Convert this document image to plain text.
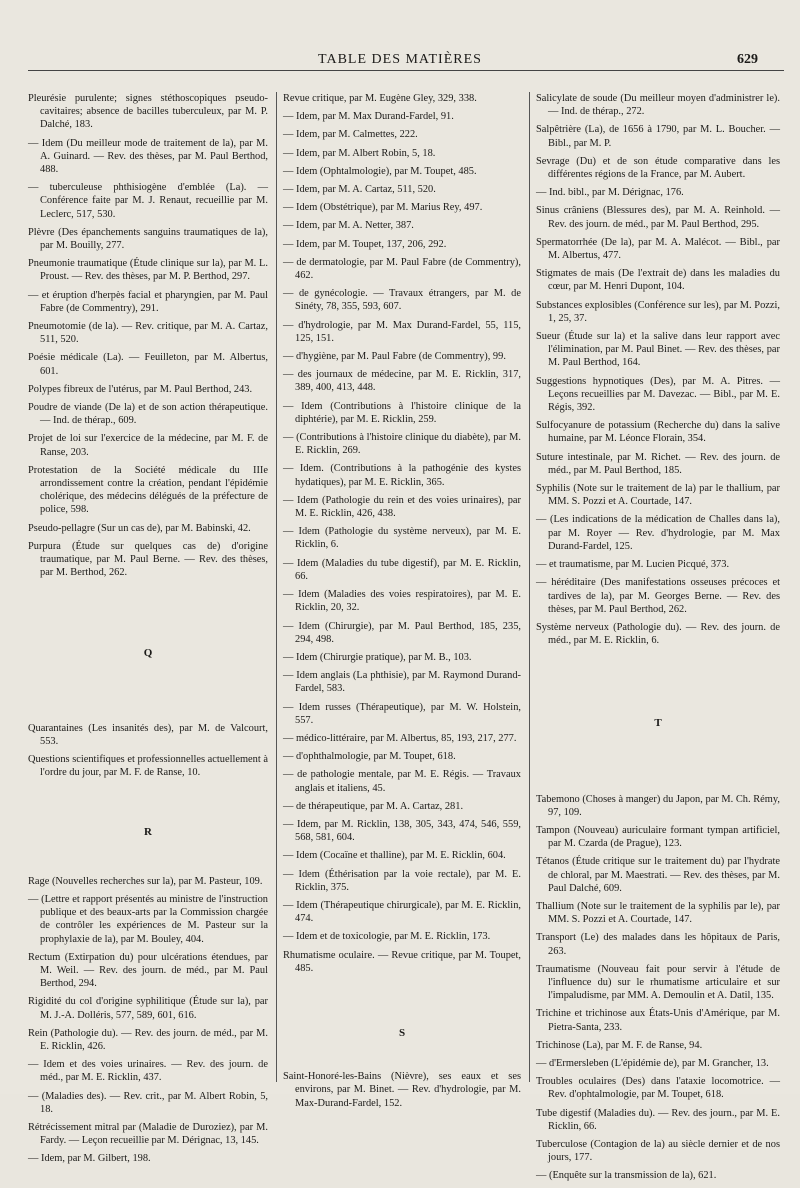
TABLE DES MATIÈRES	629

Pleurésie purulente; signes stéthoscopiques pseudo-cavitaires; absence de bacilles tuberculeux, par M. P. Dalché, 183.

— Idem (Du meilleur mode de traitement de la), par M. A. Guinard. — Rev. des thèses, par M. Paul Berthod, 488.

— tuberculeuse phthisiogène d'emblée (La). — Conférence faite par M. J. Renaut, recueillie par M. Leclerc, 517, 530.

Plèvre (Des épanchements sanguins traumatiques de la), par M. Bouilly, 277.

Pneumonie traumatique (Étude clinique sur la), par M. L. Proust. — Rev. des thèses, par M. P. Berthod, 297.

— et éruption d'herpès facial et pharyngien, par M. Paul Fabre (de Commentry), 291.

Pneumotomie (de la). — Rev. critique, par M. A. Cartaz, 511, 520.

Poésie médicale (La). — Feuilleton, par M. Albertus, 601.

Polypes fibreux de l'utérus, par M. Paul Berthod, 243.

Poudre de viande (De la) et de son action thérapeutique. — Ind. de thérap., 609.

Projet de loi sur l'exercice de la médecine, par M. F. de Ranse, 203.

Protestation de la Société médicale du IIIe arrondissement contre la création, pendant l'épidémie cholérique, des médecins délégués de la préfecture de police, 598.

Pseudo-pellagre (Sur un cas de), par M. Babinski, 42.

Purpura (Étude sur quelques cas de) d'origine traumatique, par M. Paul Berne. — Rev. des thèses, par M. Berthod, 262.

Q

Quarantaines (Les insanités des), par M. de Valcourt, 553.

Questions scientifiques et professionnelles actuellement à l'ordre du jour, par M. F. de Ranse, 10.

R

Rage (Nouvelles recherches sur la), par M. Pasteur, 109.

— (Lettre et rapport présentés au ministre de l'instruction publique et des beaux-arts par la Commission chargée de contrôler les expériences de M. Pasteur sur la prophylaxie de la), par M. Bouley, 404.

Rectum (Extirpation du) pour ulcérations étendues, par M. Weil. — Rev. des journ. de méd., par M. Paul Berthod, 294.

Rigidité du col d'origine syphilitique (Étude sur la), par M. J.-A. Dolléris, 577, 589, 601, 616.

Rein (Pathologie du). — Rev. des journ. de méd., par M. E. Ricklin, 426.

— Idem et des voies urinaires. — Rev. des journ. de méd., par M. E. Ricklin, 437.

— (Maladies des). — Rev. crit., par M. Albert Robin, 5, 18.

Rétrécissement mitral par (Maladie de Duroziez), par M. Fardy. — Leçon recueillie par M. Dérignac, 13, 145.

— Idem, par M. Gilbert, 198.

Revue critique, par M. Eugène Gley, 329, 338.

— Idem, par M. Max Durand-Fardel, 91.

— Idem, par M. Calmettes, 222.

— Idem, par M. Albert Robin, 5, 18.

— Idem (Ophtalmologie), par M. Toupet, 485.

— Idem, par M. A. Cartaz, 511, 520.

— Idem (Obstétrique), par M. Marius Rey, 497.

— Idem, par M. A. Netter, 387.

— Idem, par M. Toupet, 137, 206, 292.

— de dermatologie, par M. Paul Fabre (de Commentry), 462.

— de gynécologie. — Travaux étrangers, par M. de Sinéty, 78, 355, 593, 607.

— d'hydrologie, par M. Max Durand-Fardel, 55, 115, 125, 151.

— d'hygiène, par M. Paul Fabre (de Commentry), 99.

— des journaux de médecine, par M. E. Ricklin, 317, 389, 400, 413, 448.

— Idem (Contributions à l'histoire clinique de la diphtérie), par M. E. Ricklin, 259.

— (Contributions à l'histoire clinique du diabète), par M. E. Ricklin, 269.

— Idem. (Contributions à la pathogénie des kystes hydatiques), par M. E. Ricklin, 365.

— Idem (Pathologie du rein et des voies urinaires), par M. E. Ricklin, 426, 438.

— Idem (Pathologie du système nerveux), par M. E. Ricklin, 6.

— Idem (Maladies du tube digestif), par M. E. Ricklin, 66.

— Idem (Maladies des voies respiratoires), par M. E. Ricklin, 20, 32.

— Idem (Chirurgie), par M. Paul Berthod, 185, 235, 294, 498.

— Idem (Chirurgie pratique), par M. B., 103.

— Idem anglais (La phthisie), par M. Raymond Durand-Fardel, 583.

— Idem russes (Thérapeutique), par M. W. Holstein, 557.

— médico-littéraire, par M. Albertus, 85, 193, 217, 277.

— d'ophthalmologie, par M. Toupet, 618.

— de pathologie mentale, par M. E. Régis. — Travaux anglais et italiens, 45.

— de thérapeutique, par M. A. Cartaz, 281.

— Idem, par M. Ricklin, 138, 305, 343, 474, 546, 559, 568, 581, 604.

— Idem (Cocaïne et thalline), par M. E. Ricklin, 604.

— Idem (Éthérisation par la voie rectale), par M. E. Ricklin, 375.

— Idem (Thérapeutique chirurgicale), par M. E. Ricklin, 474.

— Idem et de toxicologie, par M. E. Ricklin, 173.

Rhumatisme oculaire. — Revue critique, par M. Toupet, 485.

S

Saint-Honoré-les-Bains (Nièvre), ses eaux et ses environs, par M. Binet. — Rev. d'hydrologie, par M. Max-Durand-Fardel, 152.

Salicylate de soude (Du meilleur moyen d'administrer le). — Ind. de thérap., 272.

Salpêtrière (La), de 1656 à 1790, par M. L. Boucher. — Bibl., par M. P.

Sevrage (Du) et de son étude comparative dans les différentes régions de la France, par M. Aubert.

— Ind. bibl., par M. Dérignac, 176.

Sinus crâniens (Blessures des), par M. A. Reinhold. — Rev. des journ. de méd., par M. Paul Berthod, 295.

Spermatorrhée (De la), par M. A. Malécot. — Bibl., par M. Albertus, 477.

Stigmates de mais (De l'extrait de) dans les maladies du cœur, par M. Henri Dupont, 104.

Substances explosibles (Conférence sur les), par M. Pozzi, 1, 25, 37.

Sueur (Étude sur la) et la salive dans leur rapport avec l'élimination, par M. Paul Binet. — Rev. des thèses, par M. Paul Berthod, 164.

Suggestions hypnotiques (Des), par M. A. Pitres. — Leçons recueillies par M. Davezac. — Bibl., par M. E. Régis, 392.

Sulfocyanure de potassium (Recherche du) dans la salive humaine, par M. Léonce Florain, 354.

Suture intestinale, par M. Richet. — Rev. des journ. de méd., par M. Paul Berthod, 185.

Syphilis (Note sur le traitement de la) par le thallium, par MM. S. Pozzi et A. Courtade, 147.

— (Les indications de la médication de Challes dans la), par M. Royer — Rev. d'hydrologie, par M. Max Durand-Fardel, 125.

— et traumatisme, par M. Lucien Picqué, 373.

— héréditaire (Des manifestations osseuses précoces et tardives de la), par M. Georges Berne. — Rev. des thèses, par M. Paul Berthod, 262.

Système nerveux (Pathologie du). — Rev. des journ. de méd., par M. E. Ricklin, 6.

T

Tabemono (Choses à manger) du Japon, par M. Ch. Rémy, 97, 109.

Tampon (Nouveau) auriculaire formant tympan artificiel, par M. Czarda (de Prague), 123.

Tétanos (Étude critique sur le traitement du) par l'hydrate de chloral, par M. Maestrati. — Rev. des thèses, par M. Paul Dalché, 609.

Thallium (Note sur le traitement de la syphilis par le), par MM. S. Pozzi et A. Courtade, 147.

Transport (Le) des malades dans les hôpitaux de Paris, 263.

Traumatisme (Nouveau fait pour servir à l'étude de l'influence du) sur le rhumatisme articulaire et sur l'impaludisme, par MM. A. Demoulin et A. Datil, 135.

Trichine et trichinose aux États-Unis d'Amérique, par M. Pietra-Santa, 233.

Trichinose (La), par M. F. de Ranse, 94.

— d'Ermersleben (L'épidémie de), par M. Grancher, 13.

Troubles oculaires (Des) dans l'ataxie locomotrice. — Rev. d'ophtalmologie, par M. Toupet, 618.

Tube digestif (Maladies du). — Rev. des journ., par M. E. Ricklin, 66.

Tuberculose (Contagion de la) au siècle dernier et de nos jours, 177.

— (Enquête sur la transmission de la), 621.
